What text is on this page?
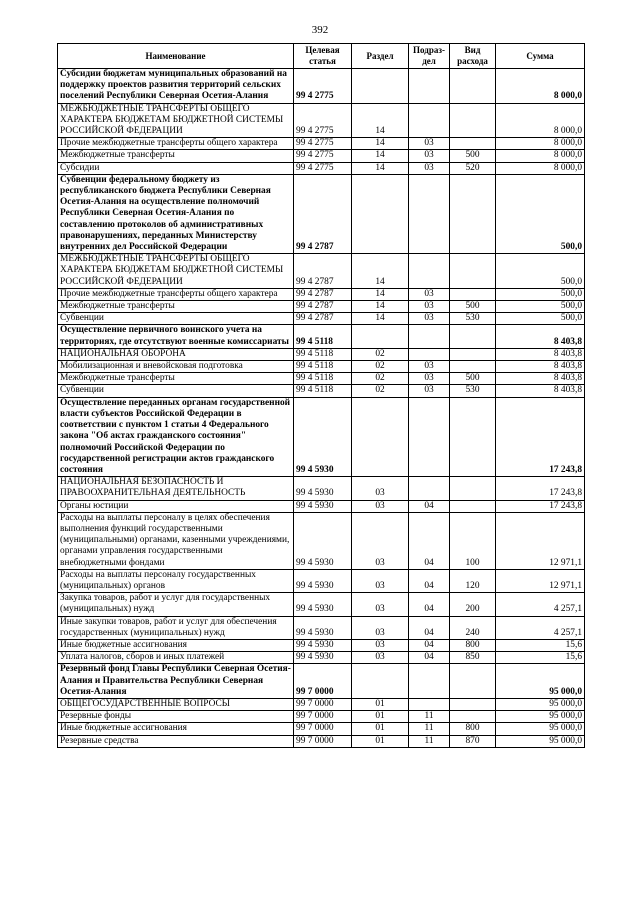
392
Наименование	Целевая статья	Раздел	Подраз- дел	Вид расхода	Сумма
Субсидии бюджетам муниципальных образований на поддержку проектов развития территорий сельских поселений Республики Северная Осетия-Алания	99 4 2775				8 000,0
МЕЖБЮДЖЕТНЫЕ ТРАНСФЕРТЫ ОБЩЕГО ХАРАКТЕРА БЮДЖЕТАМ БЮДЖЕТНОЙ СИСТЕМЫ РОССИЙСКОЙ ФЕДЕРАЦИИ	99 4 2775	14			8 000,0
Прочие межбюджетные трансферты общего характера	99 4 2775	14	03		8 000,0
Межбюджетные трансферты	99 4 2775	14	03	500	8 000,0
Субсидии	99 4 2775	14	03	520	8 000,0
Субвенции федеральному бюджету из республиканского бюджета Республики Северная Осетия-Алания на осуществление полномочий Республики Северная Осетия-Алания по составлению протоколов об административных правонарушениях, переданных Министерству внутренних дел Российской Федерации	99 4 2787				500,0
МЕЖБЮДЖЕТНЫЕ ТРАНСФЕРТЫ ОБЩЕГО ХАРАКТЕРА БЮДЖЕТАМ БЮДЖЕТНОЙ СИСТЕМЫ РОССИЙСКОЙ ФЕДЕРАЦИИ	99 4 2787	14			500,0
Прочие межбюджетные трансферты общего характера	99 4 2787	14	03		500,0
Межбюджетные трансферты	99 4 2787	14	03	500	500,0
Субвенции	99 4 2787	14	03	530	500,0
Осуществление первичного воинского учета на территориях, где отсутствуют военные комиссариаты	99 4 5118				8 403,8
НАЦИОНАЛЬНАЯ ОБОРОНА	99 4 5118	02			8 403,8
Мобилизационная и вневойсковая подготовка	99 4 5118	02	03		8 403,8
Межбюджетные трансферты	99 4 5118	02	03	500	8 403,8
Субвенции	99 4 5118	02	03	530	8 403,8
Осуществление переданных органам государственной власти субъектов Российской Федерации в соответствии с пунктом 1 статьи 4 Федерального закона "Об актах гражданского состояния" полномочий Российской Федерации по государственной регистрации актов гражданского состояния	99 4 5930				17 243,8
НАЦИОНАЛЬНАЯ БЕЗОПАСНОСТЬ И ПРАВООХРАНИТЕЛЬНАЯ ДЕЯТЕЛЬНОСТЬ	99 4 5930	03			17 243,8
Органы юстиции	99 4 5930	03	04		17 243,8
Расходы на выплаты персоналу в целях обеспечения выполнения функций государственными (муниципальными) органами, казенными учреждениями, органами управления государственными внебюджетными фондами	99 4 5930	03	04	100	12 971,1
Расходы на выплаты персоналу государственных (муниципальных) органов	99 4 5930	03	04	120	12 971,1
Закупка товаров, работ и услуг для государственных (муниципальных) нужд	99 4 5930	03	04	200	4 257,1
Иные закупки товаров, работ и услуг для обеспечения государственных (муниципальных) нужд	99 4 5930	03	04	240	4 257,1
Иные бюджетные ассигнования	99 4 5930	03	04	800	15,6
Уплата налогов, сборов и иных платежей	99 4 5930	03	04	850	15,6
Резервный фонд Главы Республики Северная Осетия-Алания и Правительства Республики Северная Осетия-Алания	99 7 0000				95 000,0
ОБЩЕГОСУДАРСТВЕННЫЕ ВОПРОСЫ	99 7 0000	01			95 000,0
Резервные фонды	99 7 0000	01	11		95 000,0
Иные бюджетные ассигнования	99 7 0000	01	11	800	95 000,0
Резервные средства	99 7 0000	01	11	870	95 000,0
